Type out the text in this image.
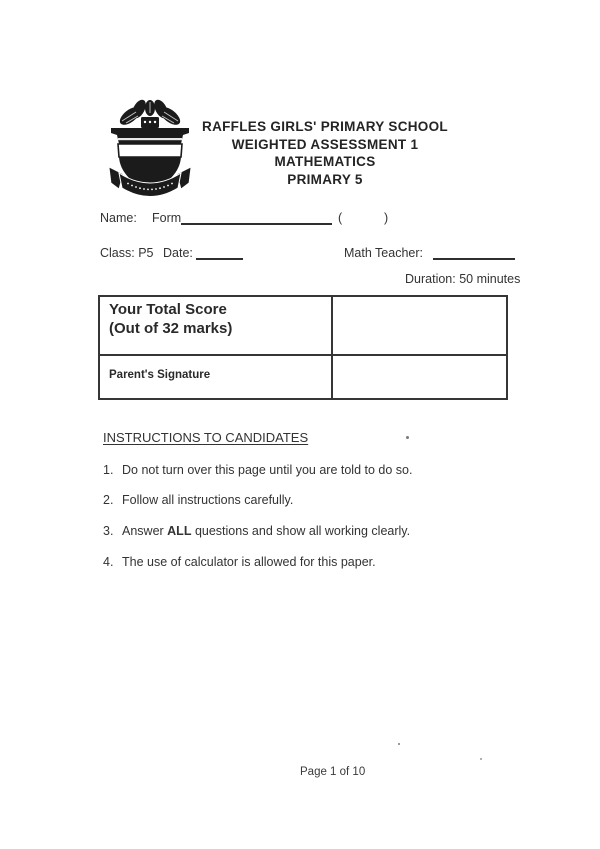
RAFFLES GIRLS' PRIMARY SCHOOL
WEIGHTED ASSESSMENT 1
MATHEMATICS
PRIMARY 5
Name: Form	(	)
Class: P5 Date:	Math Teacher:
Duration: 50 minutes
Your Total Score
(Out of 32 marks)
Parent's Signature
INSTRUCTIONS TO CANDIDATES
1. Do not turn over this page until you are told to do so.
2. Follow all instructions carefully.
3. Answer ALL questions and show all working clearly.
4. The use of calculator is allowed for this paper.
Page 1 of 10
